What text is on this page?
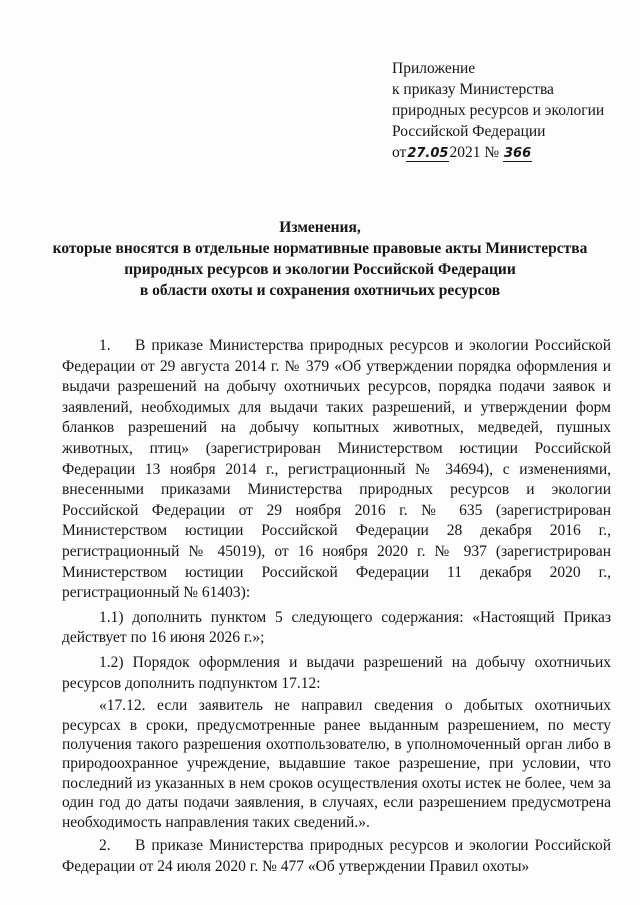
Приложение
к приказу Министерства
природных ресурсов и экологии
Российской Федерации
от27.052021 № 366
Изменения,
которые вносятся в отдельные нормативные правовые акты Министерства
природных ресурсов и экологии Российской Федерации
в области охоты и сохранения охотничьих ресурсов

1. В приказе Министерства природных ресурсов и экологии Российской Федерации от 29 августа 2014 г. № 379 «Об утверждении порядка оформления и выдачи разрешений на добычу охотничьих ресурсов, порядка подачи заявок и заявлений, необходимых для выдачи таких разрешений, и утверждении форм бланков разрешений на добычу копытных животных, медведей, пушных животных, птиц» (зарегистрирован Министерством юстиции Российской Федерации 13 ноября 2014 г., регистрационный № 34694), с изменениями, внесенными приказами Министерства природных ресурсов и экологии Российской Федерации от 29 ноября 2016 г. № 635 (зарегистрирован Министерством юстиции Российской Федерации 28 декабря 2016 г., регистрационный № 45019), от 16 ноября 2020 г. № 937 (зарегистрирован Министерством юстиции Российской Федерации 11 декабря 2020 г., регистрационный № 61403):

1.1) дополнить пунктом 5 следующего содержания: «Настоящий Приказ действует по 16 июня 2026 г.»;

1.2) Порядок оформления и выдачи разрешений на добычу охотничьих ресурсов дополнить подпунктом 17.12:

«17.12. если заявитель не направил сведения о добытых охотничьих ресурсах в сроки, предусмотренные ранее выданным разрешением, по месту получения такого разрешения охотпользователю, в уполномоченный орган либо в природоохранное учреждение, выдавшие такое разрешение, при условии, что последний из указанных в нем сроков осуществления охоты истек не более, чем за один год до даты подачи заявления, в случаях, если разрешением предусмотрена необходимость направления таких сведений.».

2. В приказе Министерства природных ресурсов и экологии Российской Федерации от 24 июля 2020 г. № 477 «Об утверждении Правил охоты»
